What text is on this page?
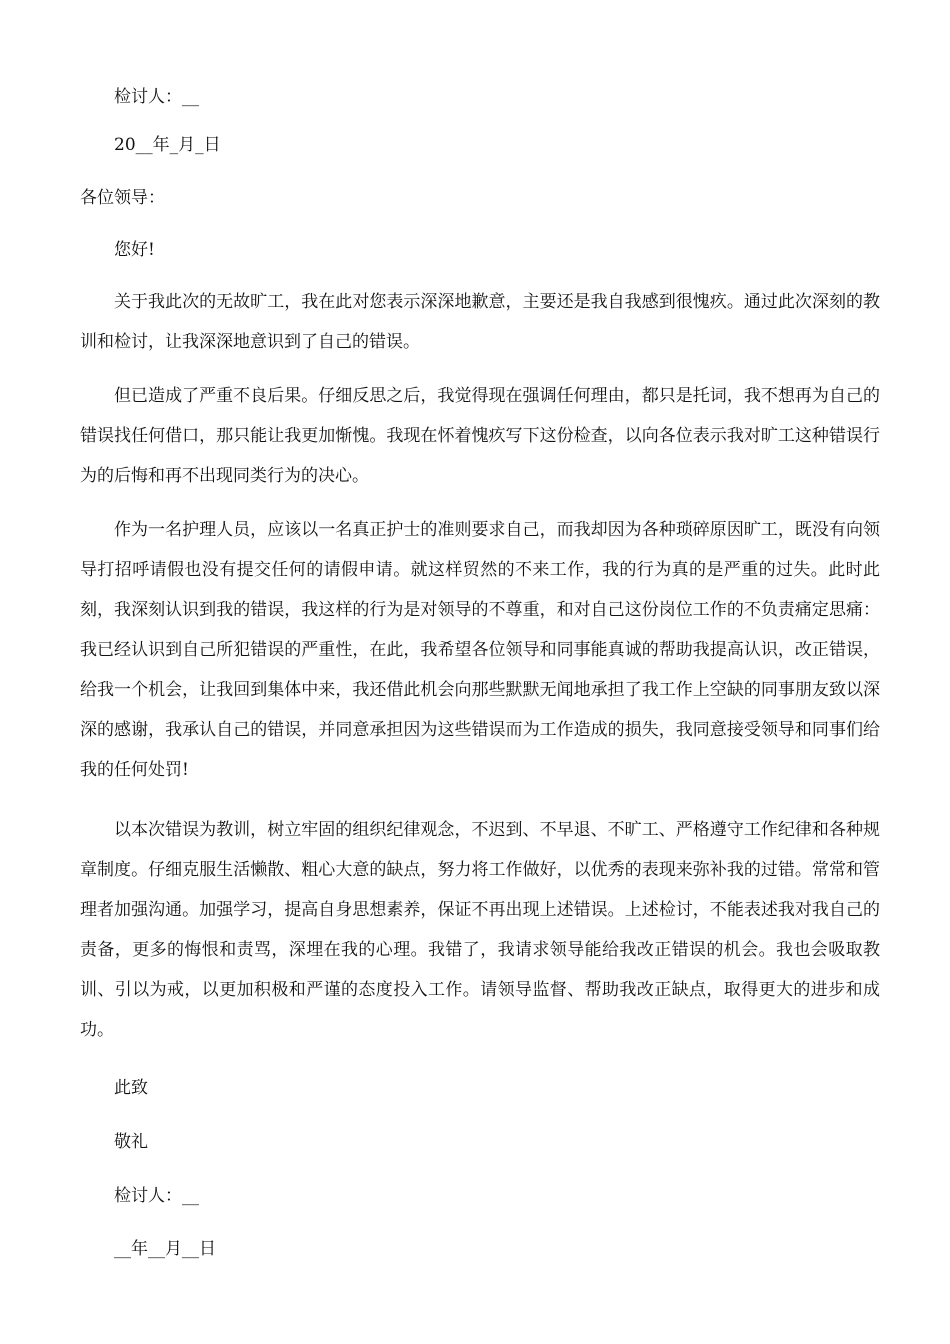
检讨人：__
20__年_月_日
各位领导：
您好!

关于我此次的无故旷工，我在此对您表示深深地歉意，主要还是我自我感到很愧疚。通过此次深刻的教训和检讨，让我深深地意识到了自己的错误。

但已造成了严重不良后果。仔细反思之后，我觉得现在强调任何理由，都只是托词，我不想再为自己的错误找任何借口，那只能让我更加惭愧。我现在怀着愧疚写下这份检查，以向各位表示我对旷工这种错误行为的后悔和再不出现同类行为的决心。

作为一名护理人员，应该以一名真正护士的准则要求自己，而我却因为各种琐碎原因旷工，既没有向领导打招呼请假也没有提交任何的请假申请。就这样贸然的不来工作，我的行为真的是严重的过失。此时此刻，我深刻认识到我的错误，我这样的行为是对领导的不尊重，和对自己这份岗位工作的不负责痛定思痛：我已经认识到自己所犯错误的严重性，在此，我希望各位领导和同事能真诚的帮助我提高认识，改正错误，给我一个机会，让我回到集体中来，我还借此机会向那些默默无闻地承担了我工作上空缺的同事朋友致以深深的感谢，我承认自己的错误，并同意承担因为这些错误而为工作造成的损失，我同意接受领导和同事们给我的任何处罚!

以本次错误为教训，树立牢固的组织纪律观念，不迟到、不早退、不旷工、严格遵守工作纪律和各种规章制度。仔细克服生活懒散、粗心大意的缺点，努力将工作做好，以优秀的表现来弥补我的过错。常常和管理者加强沟通。加强学习，提高自身思想素养，保证不再出现上述错误。上述检讨，不能表述我对我自己的责备，更多的悔恨和责骂，深埋在我的心理。我错了，我请求领导能给我改正错误的机会。我也会吸取教训、引以为戒，以更加积极和严谨的态度投入工作。请领导监督、帮助我改正缺点，取得更大的进步和成功。

此致
敬礼
检讨人：__
__年__月__日
